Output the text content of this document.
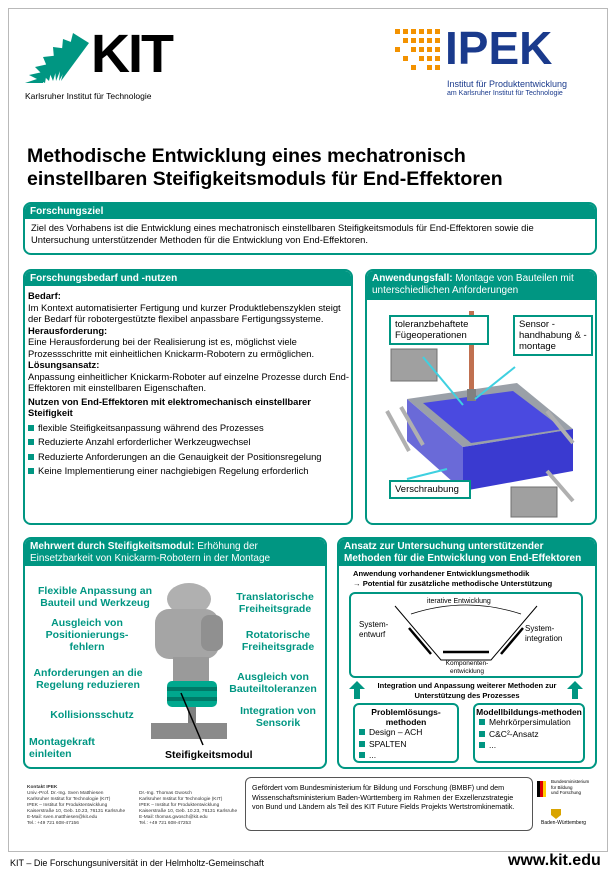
KIT
Karlsruher Institut für Technologie
IPEK
Institut für Produktentwicklung
am Karlsruher Institut für Technologie
Methodische Entwicklung eines mechatronisch
einstellbaren Steifigkeitsmoduls für End-Effektoren
Forschungsziel
Ziel des Vorhabens ist die Entwicklung eines mechatronisch einstellbaren Steifigkeitsmoduls für End-Effektoren sowie die Untersuchung unterstützender Methoden für die Entwicklung von End-Effektoren.
Forschungsbedarf und -nutzen
Bedarf:
Im Kontext automatisierter Fertigung und kurzer Produktlebenszyklen steigt der Bedarf für robotergestützte flexibel anpassbare Fertigungssysteme.
Herausforderung:
Eine Herausforderung bei der Realisierung ist es, möglichst viele Prozessschritte mit einheitlichen Knickarm-Robotern zu ermöglichen.
Lösungsansatz:
Anpassung einheitlicher Knickarm-Roboter auf einzelne Prozesse durch End-Effektoren mit einstellbaren Eigenschaften.
Nutzen von End-Effektoren mit elektromechanisch einstellbarer Steifigkeit
flexible Steifigkeitsanpassung während des Prozesses
Reduzierte Anzahl erforderlicher Werkzeugwechsel
Reduzierte Anforderungen an die Genauigkeit der Positionsregelung
Keine Implementierung einer nachgiebigen Regelung erforderlich
Anwendungsfall: Montage von Bauteilen mit unterschiedlichen Anforderungen
toleranzbehaftete Fügeoperationen
Sensor -handhabung & -montage
Verschraubung
Mehrwert durch Steifigkeitsmodul: Erhöhung der Einsetzbarkeit von Knickarm-Robotern in der Montage
Flexible Anpassung an Bauteil und Werkzeug
Ausgleich von Positionierungs-fehlern
Anforderungen an die Regelung reduzieren
Kollisionsschutz
Montagekraft einleiten
Translatorische Freiheitsgrade
Rotatorische Freiheitsgrade
Ausgleich von Bauteiltoleranzen
Integration von Sensorik
Steifigkeitsmodul
Ansatz zur Untersuchung unterstützender Methoden für die Entwicklung von End-Effektoren
Anwendung vorhandener Entwicklungsmethodik
→ Potential für zusätzliche methodische Unterstützung
iterative Entwicklung
System-entwurf
System-integration
Komponenten-entwicklung
Integration und Anpassung weiterer Methoden zur Unterstützung des Prozesses
Problemlösungs-methoden
Design – ACH
SPALTEN
...
Modellbildungs-methoden
Mehrkörpersimulation
C&C²-Ansatz
...
Kontakt IPEK
Univ.-Prof. Dr.-Ing. Sven Matthiesen
Karlsruher Institut für Technologie (KIT)
IPEK – Institut für Produktentwicklung
Kaiserstraße 10, Geb. 10.23, 76131 Karlsruhe
E-Mail: sven.matthiesen@kit.edu
Tel.: +49 721 608-47156
Dr.-Ing. Thomas Gwosch
Karlsruher Institut für Technologie (KIT)
IPEK – Institut für Produktentwicklung
Kaiserstraße 10, Geb. 10.23, 76131 Karlsruhe
E-Mail: thomas.gwosch@kit.edu
Tel.: +49 721 608-47253
Gefördert vom Bundesministerium für Bildung und Forschung (BMBF) und dem Wissenschaftsministerium Baden-Württemberg im Rahmen der Exzellenzstrategie von Bund und Ländern als Teil des KIT Future Fields Projekts Wertstromkinematik.
Bundesministerium
für Bildung
und Forschung
Baden-Württemberg
KIT – Die Forschungsuniversität in der Helmholtz-Gemeinschaft	www.kit.edu
